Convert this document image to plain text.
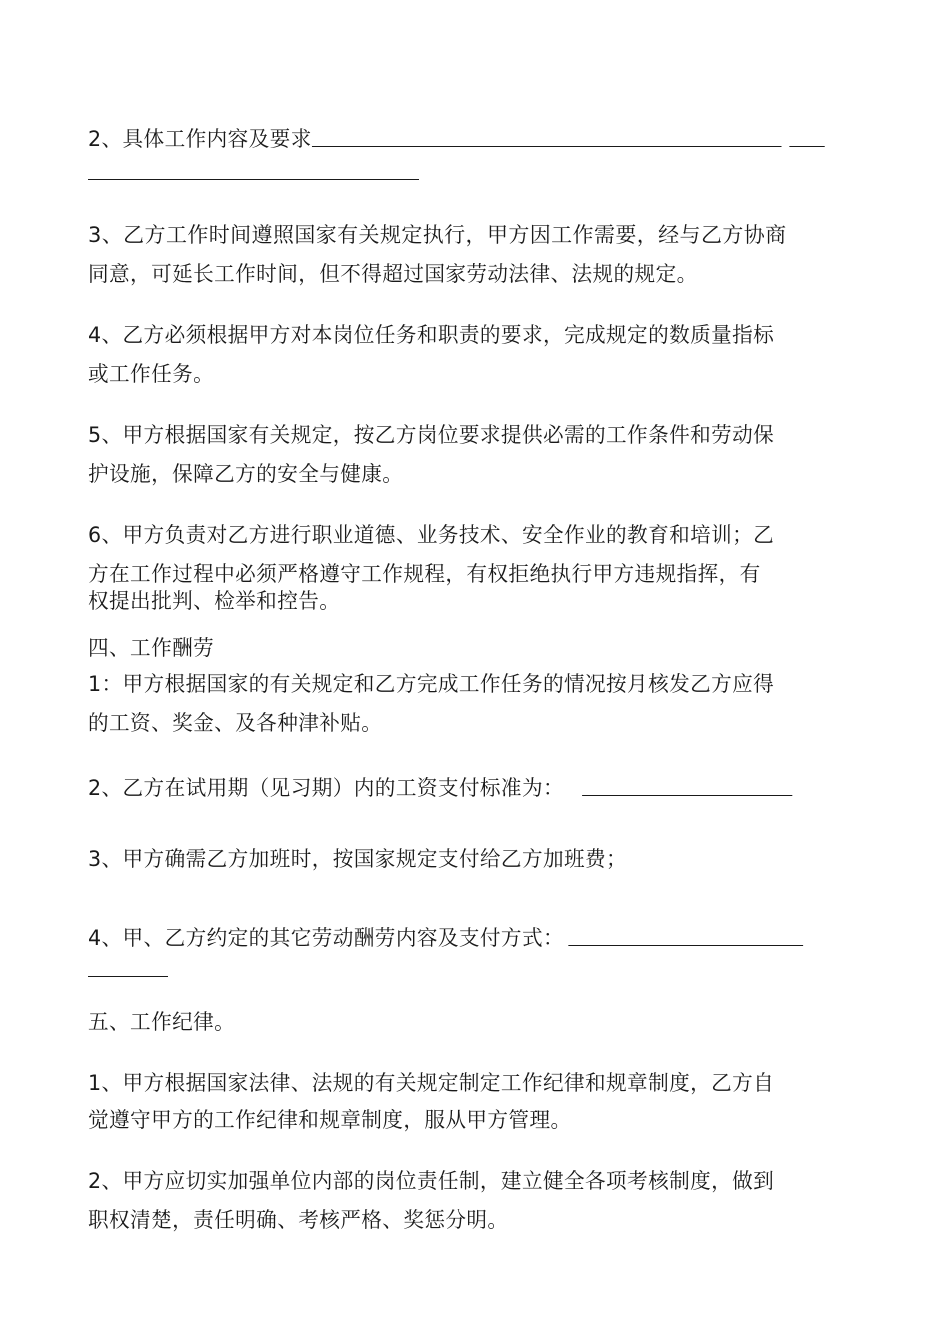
2、具体工作内容及要求
3、乙方工作时间遵照国家有关规定执行，甲方因工作需要，经与乙方协商
同意，可延长工作时间，但不得超过国家劳动法律、法规的规定。
4、乙方必须根据甲方对本岗位任务和职责的要求，完成规定的数质量指标
或工作任务。
5、甲方根据国家有关规定，按乙方岗位要求提供必需的工作条件和劳动保
护设施，保障乙方的安全与健康。
6、甲方负责对乙方进行职业道德、业务技术、安全作业的教育和培训；乙
方在工作过程中必须严格遵守工作规程，有权拒绝执行甲方违规指挥，有
权提出批判、检举和控告。
四、工作酬劳
1：甲方根据国家的有关规定和乙方完成工作任务的情况按月核发乙方应得
的工资、奖金、及各种津补贴。
2、乙方在试用期（见习期）内的工资支付标准为：
3、甲方确需乙方加班时，按国家规定支付给乙方加班费；
4、甲、乙方约定的其它劳动酬劳内容及支付方式：
五、工作纪律。
1、甲方根据国家法律、法规的有关规定制定工作纪律和规章制度，乙方自
觉遵守甲方的工作纪律和规章制度，服从甲方管理。
2、甲方应切实加强单位内部的岗位责任制，建立健全各项考核制度，做到
职权清楚，责任明确、考核严格、奖惩分明。
